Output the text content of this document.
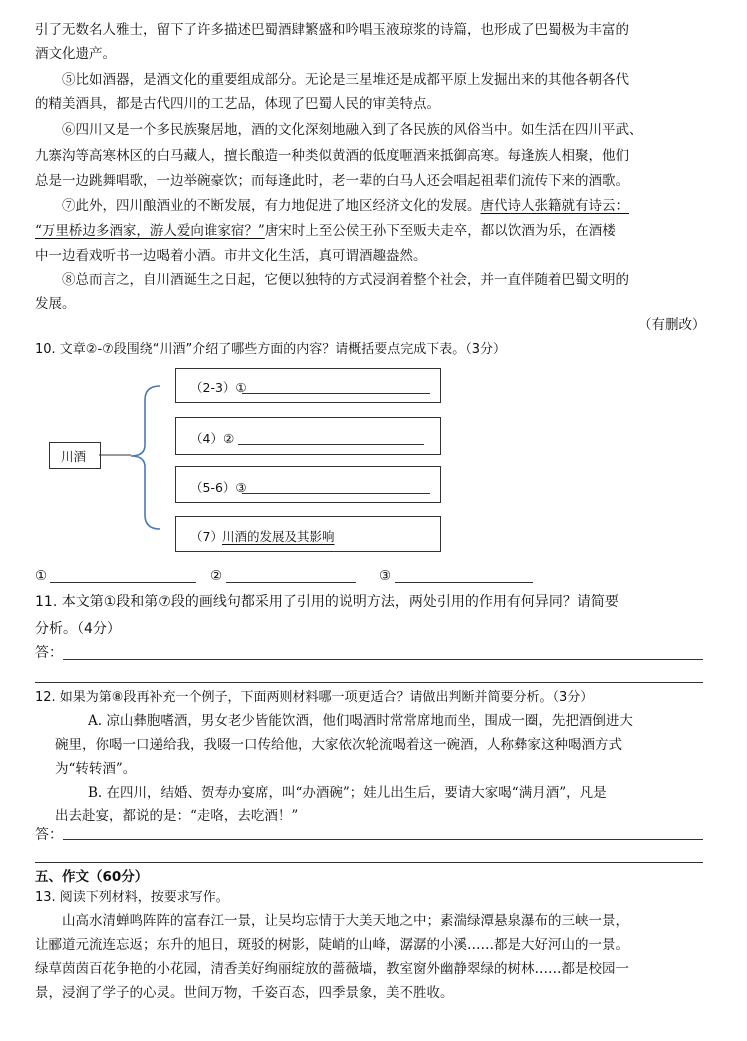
引了无数名人雅士，留下了许多描述巴蜀酒肆繁盛和吟唱玉液琼浆的诗篇，也形成了巴蜀极为丰富的
酒文化遗产。
⑤比如酒器，是酒文化的重要组成部分。无论是三星堆还是成都平原上发掘出来的其他各朝各代
的精美酒具，都是古代四川的工艺品，体现了巴蜀人民的审美特点。
⑥四川又是一个多民族聚居地，酒的文化深刻地融入到了各民族的风俗当中。如生活在四川平武、
九寨沟等高寒林区的白马藏人，擅长酿造一种类似黄酒的低度咂酒来抵御高寒。每逢族人相聚，他们
总是一边跳舞唱歌，一边举碗豪饮；而每逢此时，老一辈的白马人还会唱起祖辈们流传下来的酒歌。
⑦此外，四川酿酒业的不断发展，有力地促进了地区经济文化的发展。唐代诗人张籍就有诗云：
“万里桥边多酒家，游人爱向谁家宿？”唐宋时上至公侯王孙下至贩夫走卒，都以饮酒为乐，在酒楼
中一边看戏听书一边喝着小酒。市井文化生活，真可谓酒趣盎然。
⑧总而言之，自川酒诞生之日起，它便以独特的方式浸润着整个社会，并一直伴随着巴蜀文明的
发展。
（有删改）
10. 文章②-⑦段围绕“川酒”介绍了哪些方面的内容？请概括要点完成下表。（3分）
川酒
（2-3）①
（4）②
（5-6）③
（7） 川酒的发展及其影响
①	②	③
11. 本文第①段和第⑦段的画线句都采用了引用的说明方法，两处引用的作用有何异同？请简要
分析。（4分）
答：
12. 如果为第⑧段再补充一个例子，下面两则材料哪一项更适合？请做出判断并简要分析。（3分）
A. 凉山彝胞嗜酒，男女老少皆能饮酒，他们喝酒时常常席地而坐，围成一圈，先把酒倒进大
碗里，你喝一口递给我，我啜一口传给他，大家依次轮流喝着这一碗酒，人称彝家这种喝酒方式
为“转转酒”。
B. 在四川，结婚、贺寿办宴席，叫“办酒碗”；娃儿出生后，要请大家喝“满月酒”，凡是
出去赴宴，都说的是：“走咯，去吃酒！”
答：
五、作文（60分）
13. 阅读下列材料，按要求写作。
山高水清蝉鸣阵阵的富春江一景，让吴均忘情于大美天地之中；素湍绿潭悬泉瀑布的三峡一景，
让郦道元流连忘返；东升的旭日，斑驳的树影，陡峭的山峰，潺潺的小溪……都是大好河山的一景。
绿草茵茵百花争艳的小花园，清香美好绚丽绽放的蔷薇墙，教室窗外幽静翠绿的树林……都是校园一
景，浸润了学子的心灵。世间万物，千姿百态，四季景象，美不胜收。
